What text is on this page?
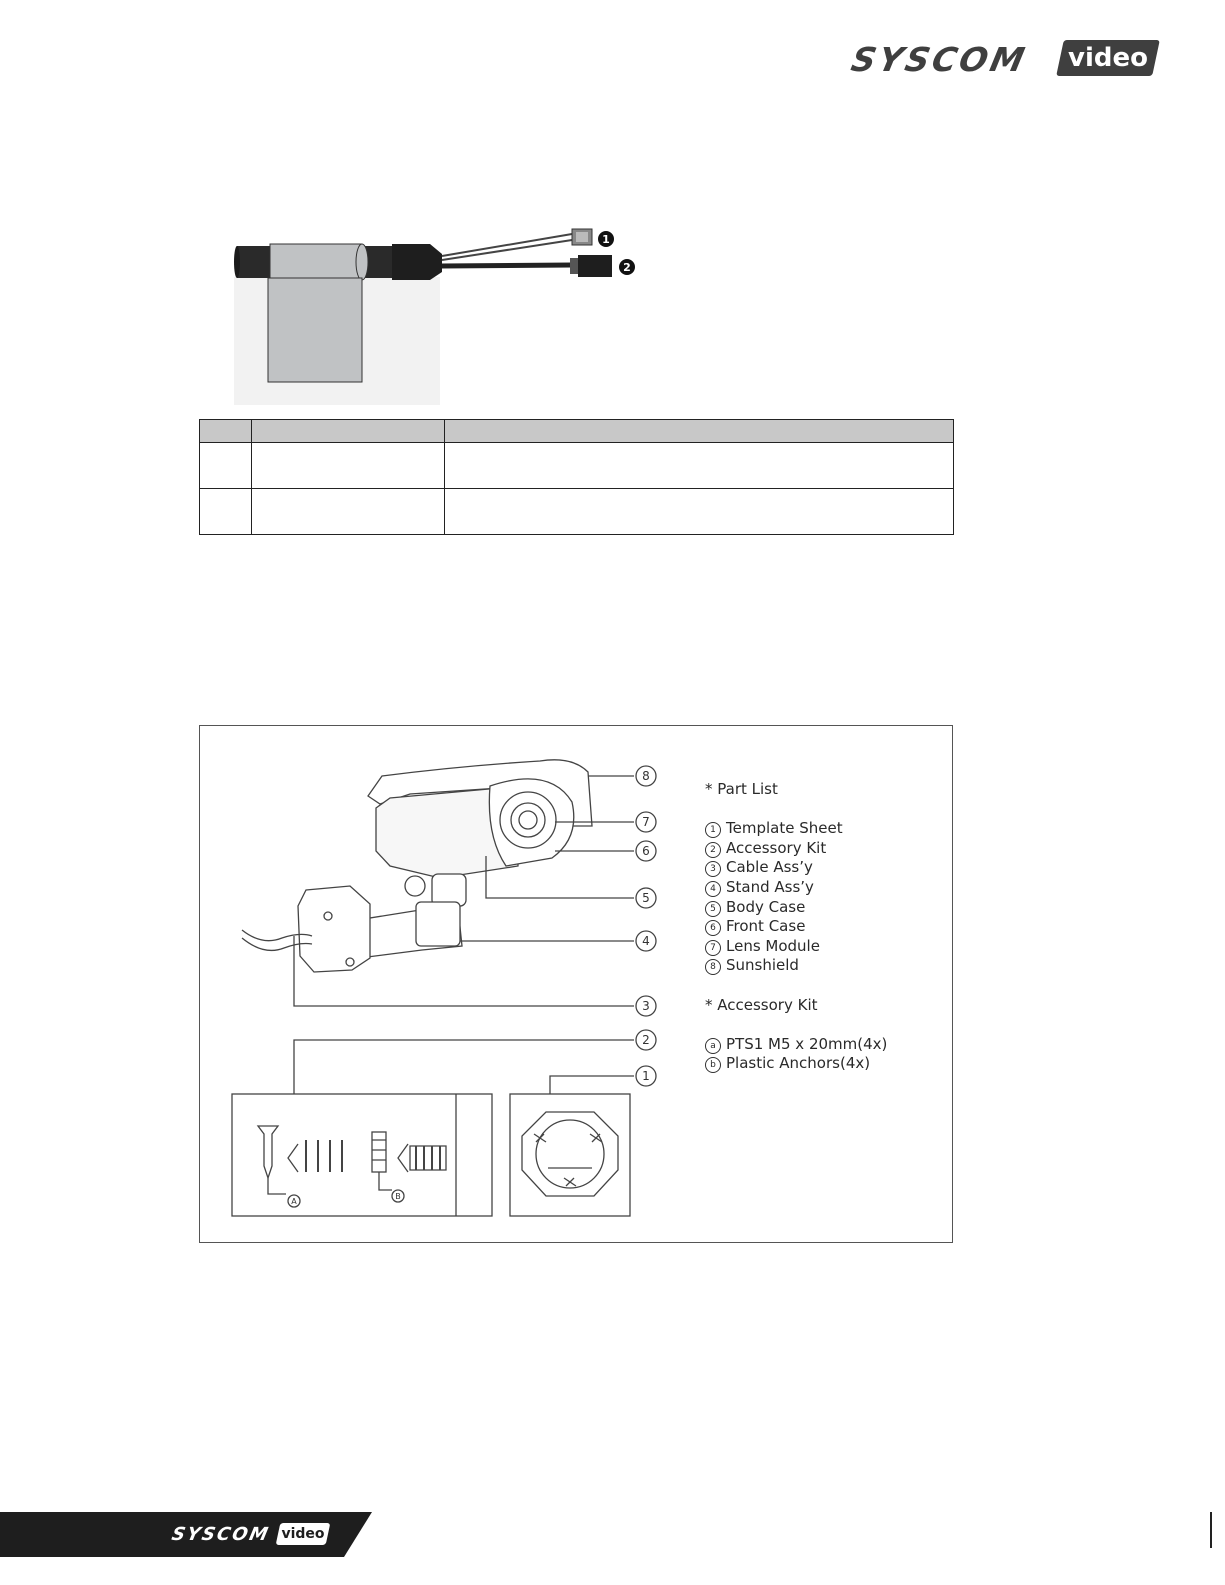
SYSCOM	video
1
2

8
7
6
5
4
3
2
1
A
B
* Part List
1 Template Sheet
2 Accessory Kit
3 Cable Ass’y
4 Stand Ass’y
5 Body Case
6 Front Case
7 Lens Module
8 Sunshield
* Accessory Kit
a PTS1 M5 x 20mm(4x)
b Plastic Anchors(4x)
SYSCOM video
